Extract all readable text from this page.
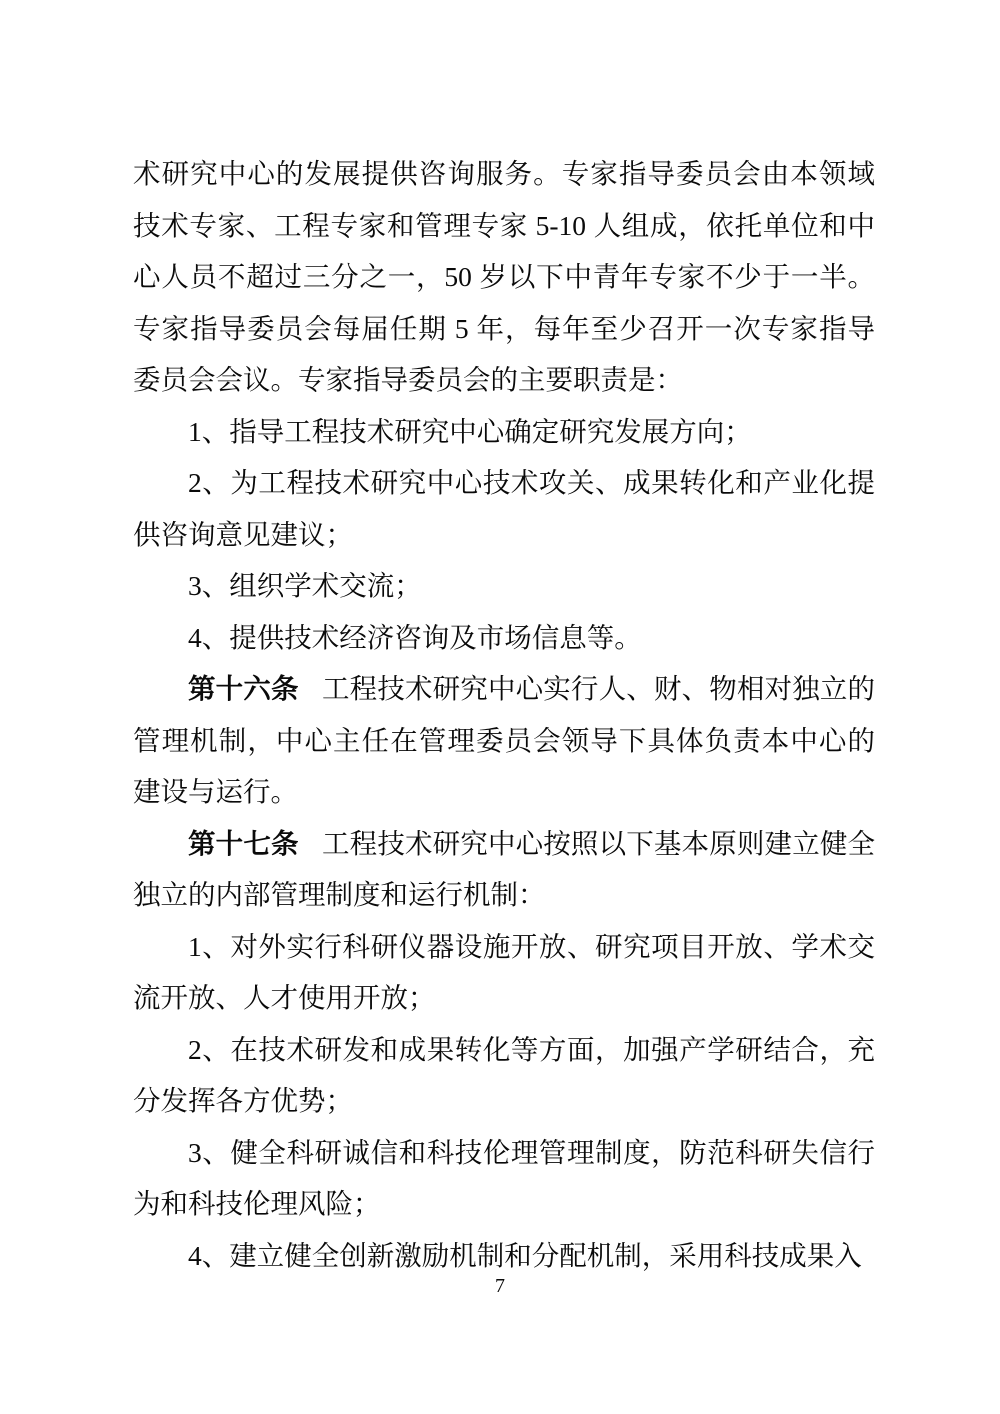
术研究中心的发展提供咨询服务。专家指导委员会由本领域技术专家、工程专家和管理专家 5-10 人组成，依托单位和中心人员不超过三分之一，50 岁以下中青年专家不少于一半。专家指导委员会每届任期 5 年，每年至少召开一次专家指导委员会会议。专家指导委员会的主要职责是：

1、指导工程技术研究中心确定研究发展方向；

2、为工程技术研究中心技术攻关、成果转化和产业化提供咨询意见建议；

3、组织学术交流；

4、提供技术经济咨询及市场信息等。

第十六条 工程技术研究中心实行人、财、物相对独立的管理机制，中心主任在管理委员会领导下具体负责本中心的建设与运行。

第十七条 工程技术研究中心按照以下基本原则建立健全独立的内部管理制度和运行机制：

1、对外实行科研仪器设施开放、研究项目开放、学术交流开放、人才使用开放；

2、在技术研发和成果转化等方面，加强产学研结合，充分发挥各方优势；

3、健全科研诚信和科技伦理管理制度，防范科研失信行为和科技伦理风险；

4、建立健全创新激励机制和分配机制，采用科技成果入

7
